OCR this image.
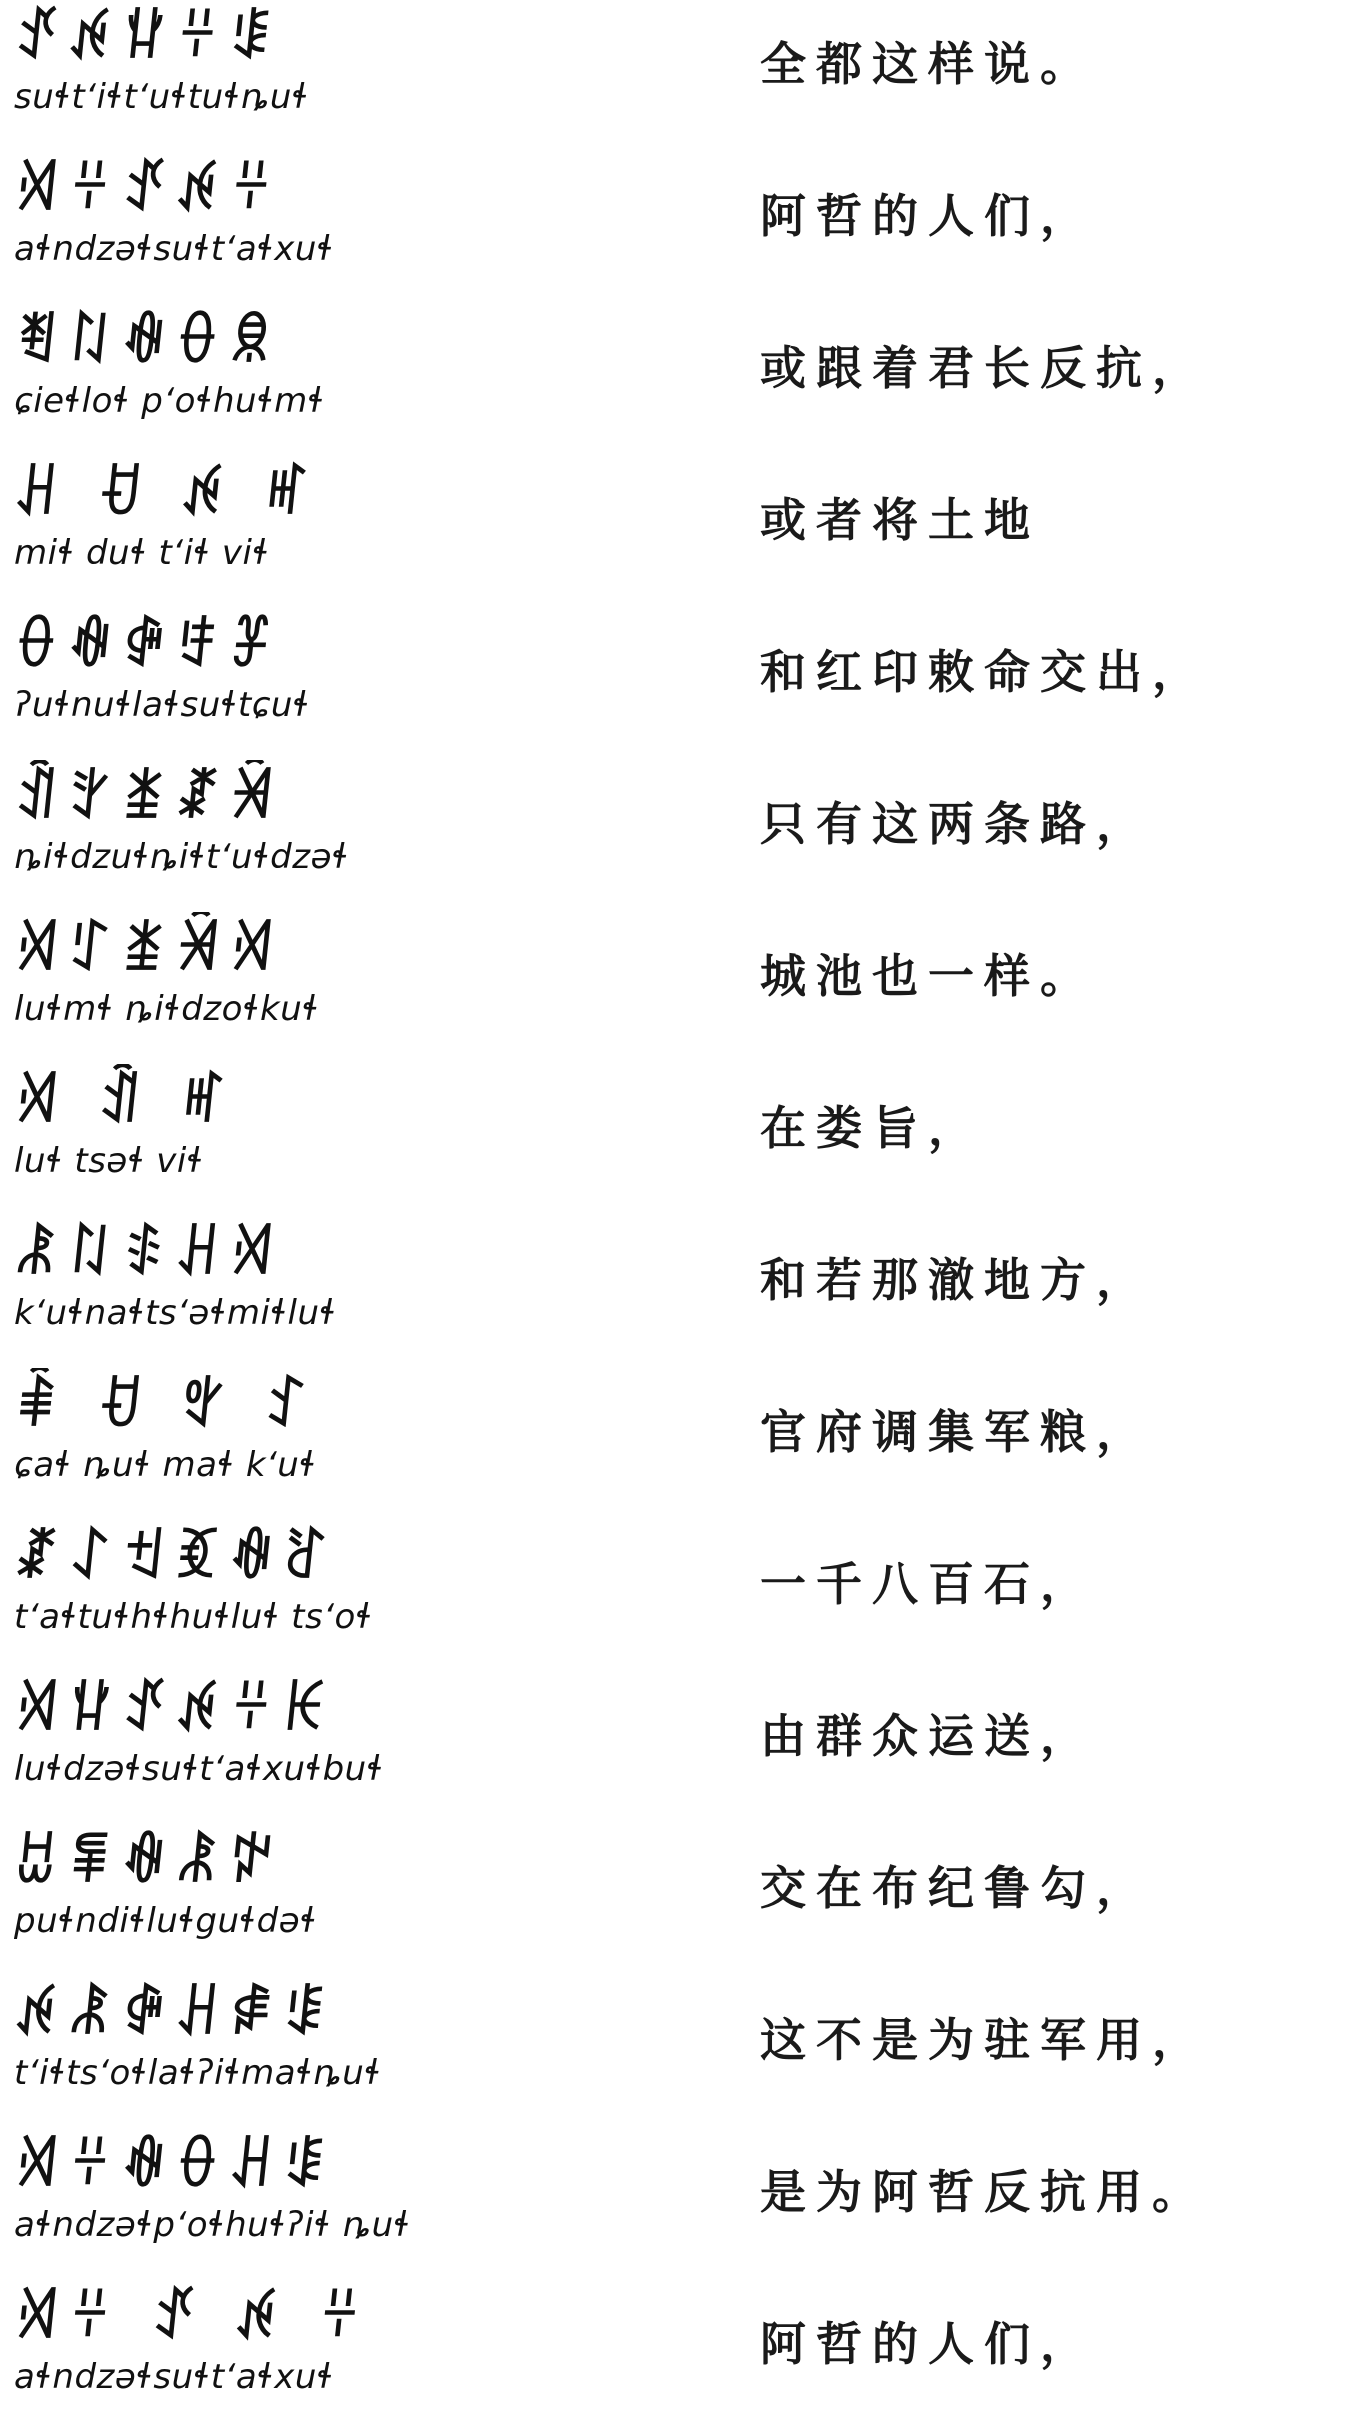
ꀋꉌꃚꇭꌐ
suɬtʻiɬtʻuɬtuɬȵuɬ
全都这样说。
ꄉꇭꀋꉌꇭ
aɬndzəɬsuɬtʻaɬxuɬ
阿哲的人们，
ꄮꇁꊿꂷꌋ
ɕieɬloɬ pʻoɬhuɬmɬ
或跟着君长反抗，
ꃅ ꀀ ꉌ ꎭ
miɬ duɬ tʻiɬ viɬ
或者将土地
ꂷꊿꋤꄜꐞ
ʔuɬnuɬlaɬsuɬtɕuɬ
和红印敕命交出，
ꀉꇬꁧꊨꈀ
ȵiɬdzuɬȵiɬtʻuɬdzəɬ
只有这两条路，
ꄉꇰꁧꈀꄉ
luɬmɬ ȵiɬdzoɬkuɬ
城池也一样。
ꄉ ꀉ ꎭ
luɬ tsəɬ viɬ
在娄旨，
ꂿꇁꌙꃅꄉ
kʻuɬnaɬtsʻəɬmiɬluɬ
和若那澈地方，
ꑋ ꀀ ꃰ ꉘ
ɕaɬ ȵuɬ maɬ kʻuɬ
官府调集军粮，
ꊨꋍꉬꃶꊿꋒ
tʻaɬtuɬhɬhuɬluɬ tsʻoɬ
一千八百石，
ꄉꃚꀋꉌꇭꀘ
luɬdzəɬsuɬtʻaɬxuɬbuɬ
由群众运送，
ꀠꁉꊿꂿꉢ
puɬndiɬluɬguɬdəɬ
交在布纪鲁勾，
ꉌꂿꋤꃅꍂꌐ
tʻiɬtsʻoɬlaɬʔiɬmaɬȵuɬ
这不是为驻军用，
ꄉꇭꊿꂷꃅꌐ
aɬndzəɬpʻoɬhuɬʔiɬ ȵuɬ
是为阿哲反抗用。
ꄉꇭ ꀋ ꉌ ꇭ
aɬndzəɬsuɬtʻaɬxuɬ
阿哲的人们，
